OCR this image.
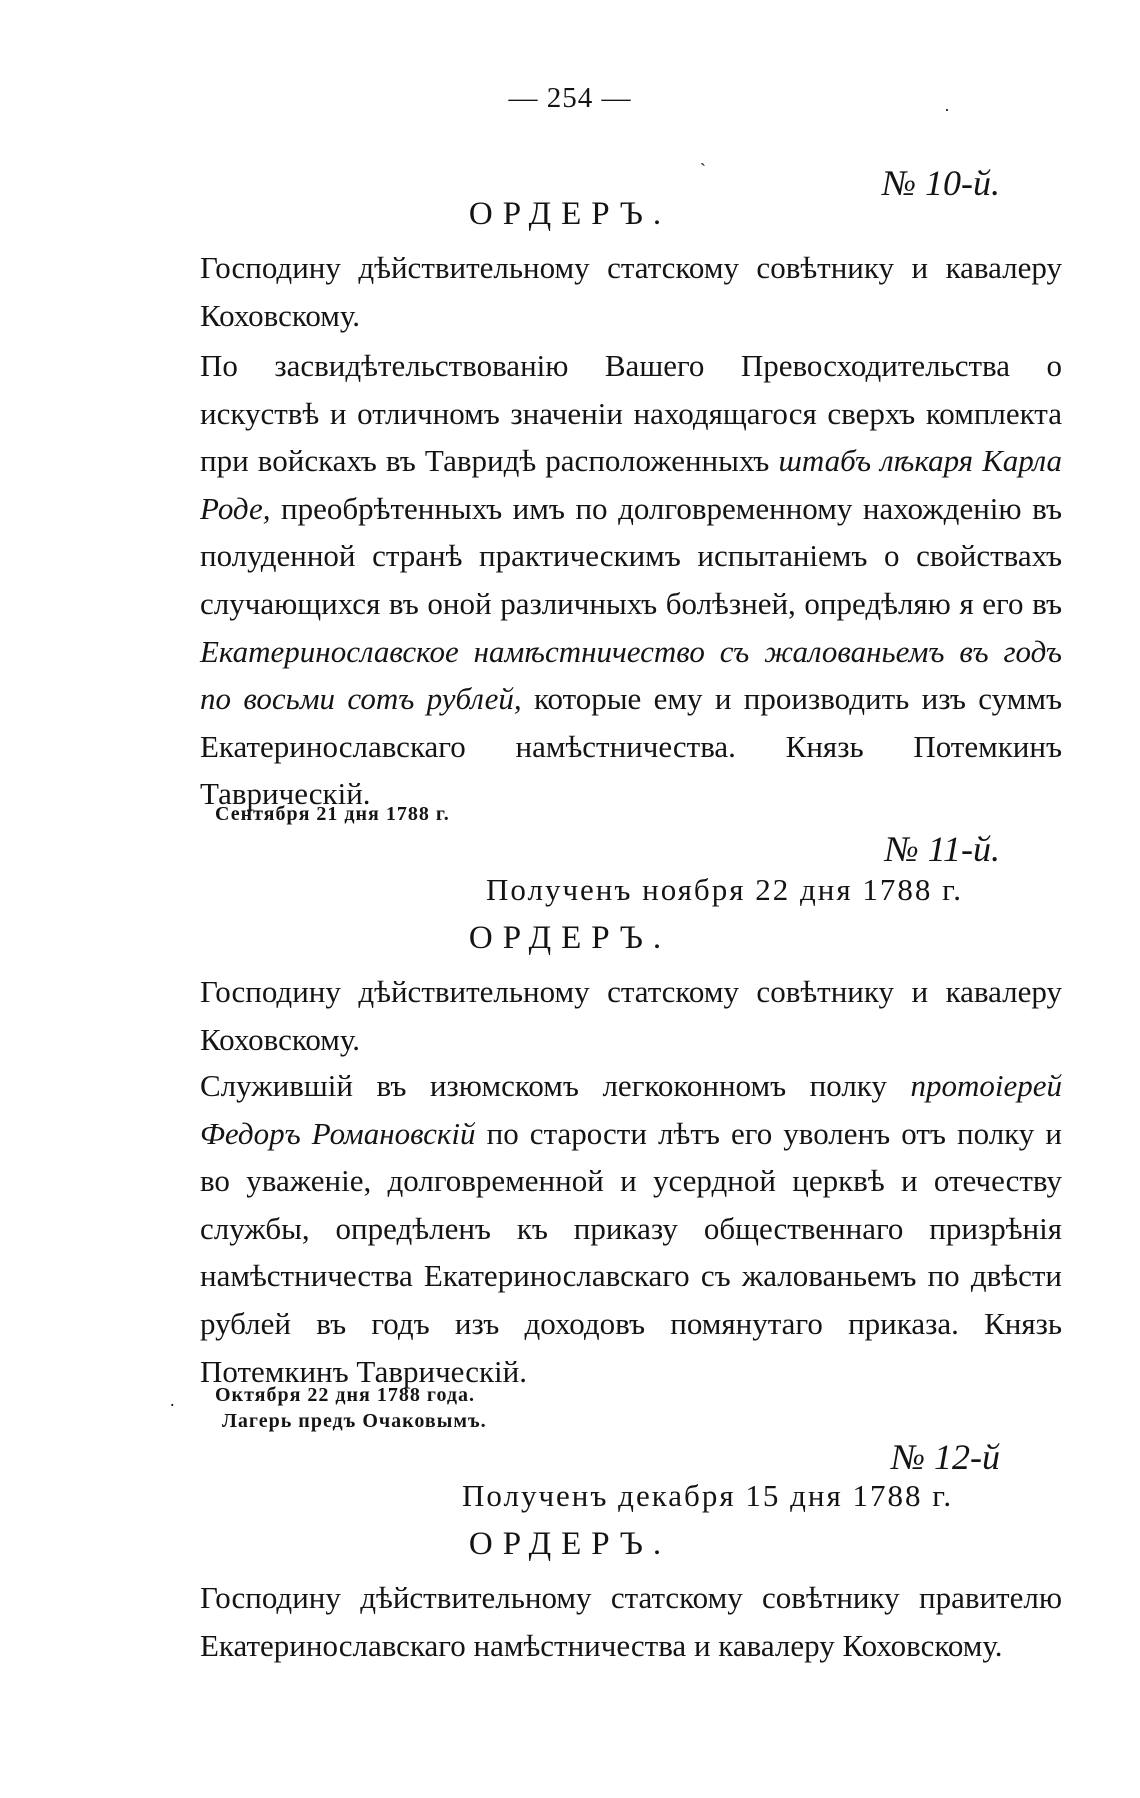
— 254 —	·
ˋ	№ 10-й.
ОРДЕРЪ.
Господину дѣйствительному статскому совѣтнику и кавалеру Коховскому.
По засвидѣтельствованію Вашего Превосходительства о искуствѣ и отличномъ значеніи находящагося сверхъ комплекта при войскахъ въ Тавридѣ расположенныхъ штабъ лѣкаря Карла Роде, преобрѣтенныхъ имъ по долговременному нахожденію въ полуденной странѣ практическимъ испытаніемъ о свойствахъ случающихся въ оной различныхъ болѣзней, опредѣляю я его въ Екатеринославское намѣстничество съ жалованьемъ въ годъ по восьми сотъ рублей, которые ему и производить изъ суммъ Екатеринославскаго намѣстничества. Князь Потемкинъ Таврическій.
Сентября 21 дня 1788 г.
№ 11-й.
Полученъ ноября 22 дня 1788 г.
ОРДЕРЪ.
Господину дѣйствительному статскому совѣтнику и кавалеру Коховскому.
Служившій въ изюмскомъ легкоконномъ полку протоіерей Федоръ Романовскій по старости лѣтъ его уволенъ отъ полку и во уваженіе, долговременной и усердной церквѣ и отечеству службы, опредѣленъ къ приказу общественнаго призрѣнія намѣстничества Екатеринославскаго съ жалованьемъ по двѣсти рублей въ годъ изъ доходовъ помянутаго приказа. Князь Потемкинъ Таврическій.
Октября 22 дня 1788 года.
Лагерь предъ Очаковымъ.
.
№ 12-й
Полученъ декабря 15 дня 1788 г.
ОРДЕРЪ.
Господину дѣйствительному статскому совѣтнику правителю Екатеринославскаго намѣстничества и кавалеру Коховскому.
